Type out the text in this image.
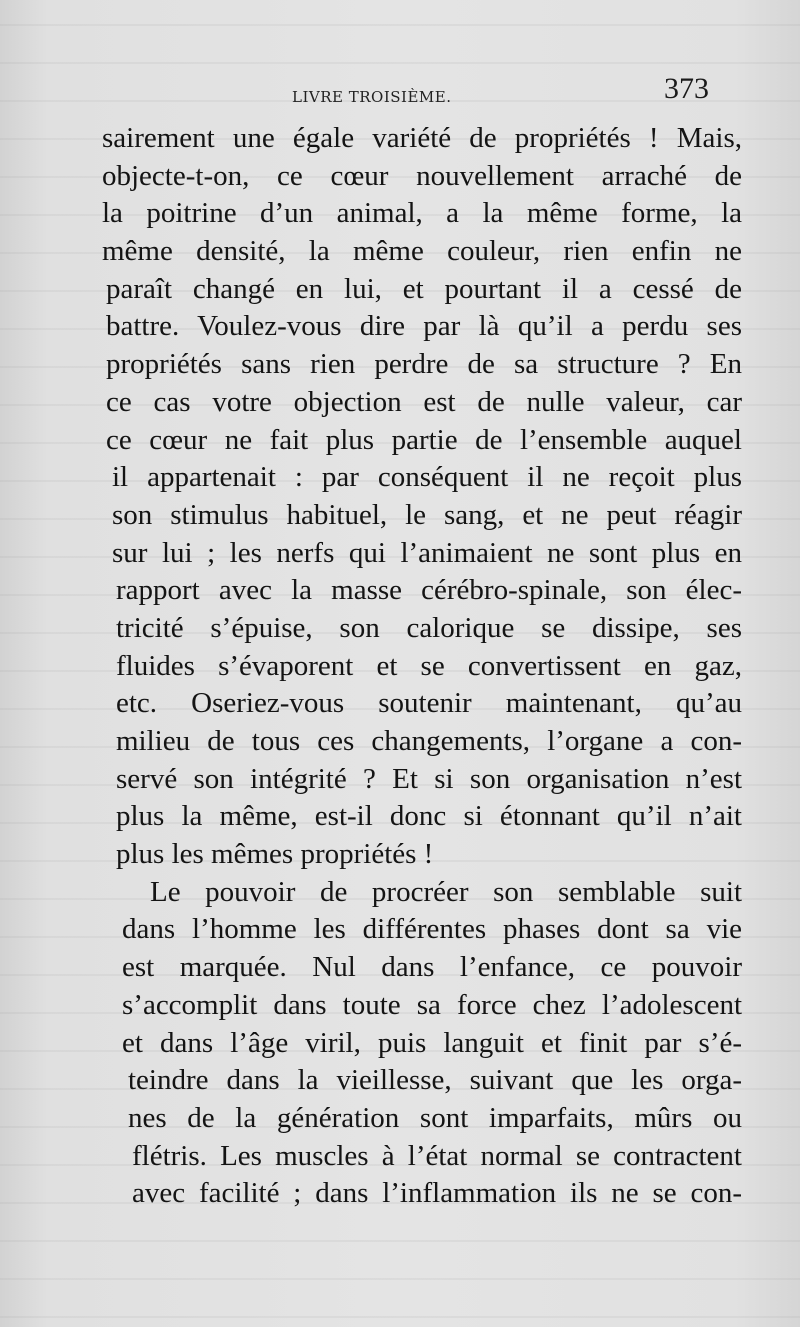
LIVRE TROISIÈME.	373
sairement une égale variété de propriétés ! Mais,
objecte-t-on, ce cœur nouvellement arraché de
la poitrine d’un animal, a la même forme, la
même densité, la même couleur, rien enfin ne
paraît changé en lui, et pourtant il a cessé de
battre. Voulez-vous dire par là qu’il a perdu ses
propriétés sans rien perdre de sa structure ? En
ce cas votre objection est de nulle valeur, car
ce cœur ne fait plus partie de l’ensemble auquel
il appartenait : par conséquent il ne reçoit plus
son stimulus habituel, le sang, et ne peut réagir
sur lui ; les nerfs qui l’animaient ne sont plus en
rapport avec la masse cérébro-spinale, son élec-
tricité s’épuise, son calorique se dissipe, ses
fluides s’évaporent et se convertissent en gaz,
etc. Oseriez-vous soutenir maintenant, qu’au
milieu de tous ces changements, l’organe a con-
servé son intégrité ? Et si son organisation n’est
plus la même, est-il donc si étonnant qu’il n’ait
plus les mêmes propriétés !
Le pouvoir de procréer son semblable suit
dans l’homme les différentes phases dont sa vie
est marquée. Nul dans l’enfance, ce pouvoir
s’accomplit dans toute sa force chez l’adolescent
et dans l’âge viril, puis languit et finit par s’é-
teindre dans la vieillesse, suivant que les orga-
nes de la génération sont imparfaits, mûrs ou
flétris. Les muscles à l’état normal se contractent
avec facilité ; dans l’inflammation ils ne se con-
